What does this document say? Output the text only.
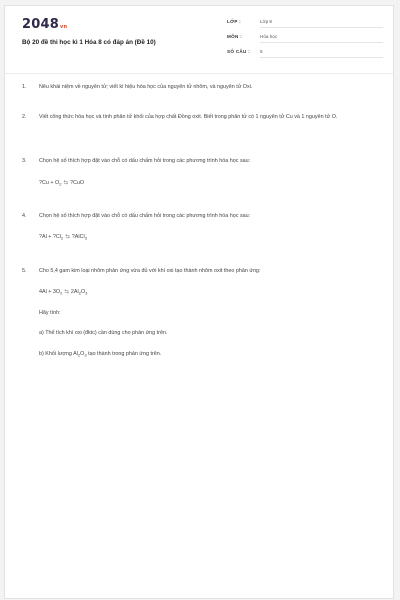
2048vn
Bộ 20 đề thi học kì 1 Hóa 8 có đáp án (Đề 10)
LỚP :	Lớp 8
MÔN :	Hóa học
SỐ CÂU : 5
1. Nêu khái niệm về nguyên tử; viết kí hiệu hóa học của nguyên tử nhôm, và nguyên tử Oxi.
2. Viết công thức hóa học và tính phân tử khối của hợp chất Đồng oxit. Biết trong phân tử có 1 nguyên tử Cu và 1 nguyên tử O.
3. Chọn hệ số thích hợp đặt vào chỗ có dấu chấm hỏi trong các phương trình hóa học sau:
?Cu + $O_2$ ⇆ ?CuO
4. Chọn hệ số thích hợp đặt vào chỗ có dấu chấm hỏi trong các phương trình hóa học sau:
?Al + $?Cl_2$ ⇆ ?AlCl$_3$
5. Cho 5,4 gam kim loại nhôm phản ứng vừa đủ với khí oxi tạo thành nhôm oxit theo phản ứng:
$4Al + 3O_2$ ⇆ $2Al_2O_3$
Hãy tính:
a) Thể tích khí oxi (đktc) cần dùng cho phản ứng trên.
b) Khối lượng $Al_2O_3$ tạo thành trong phản ứng trên.
